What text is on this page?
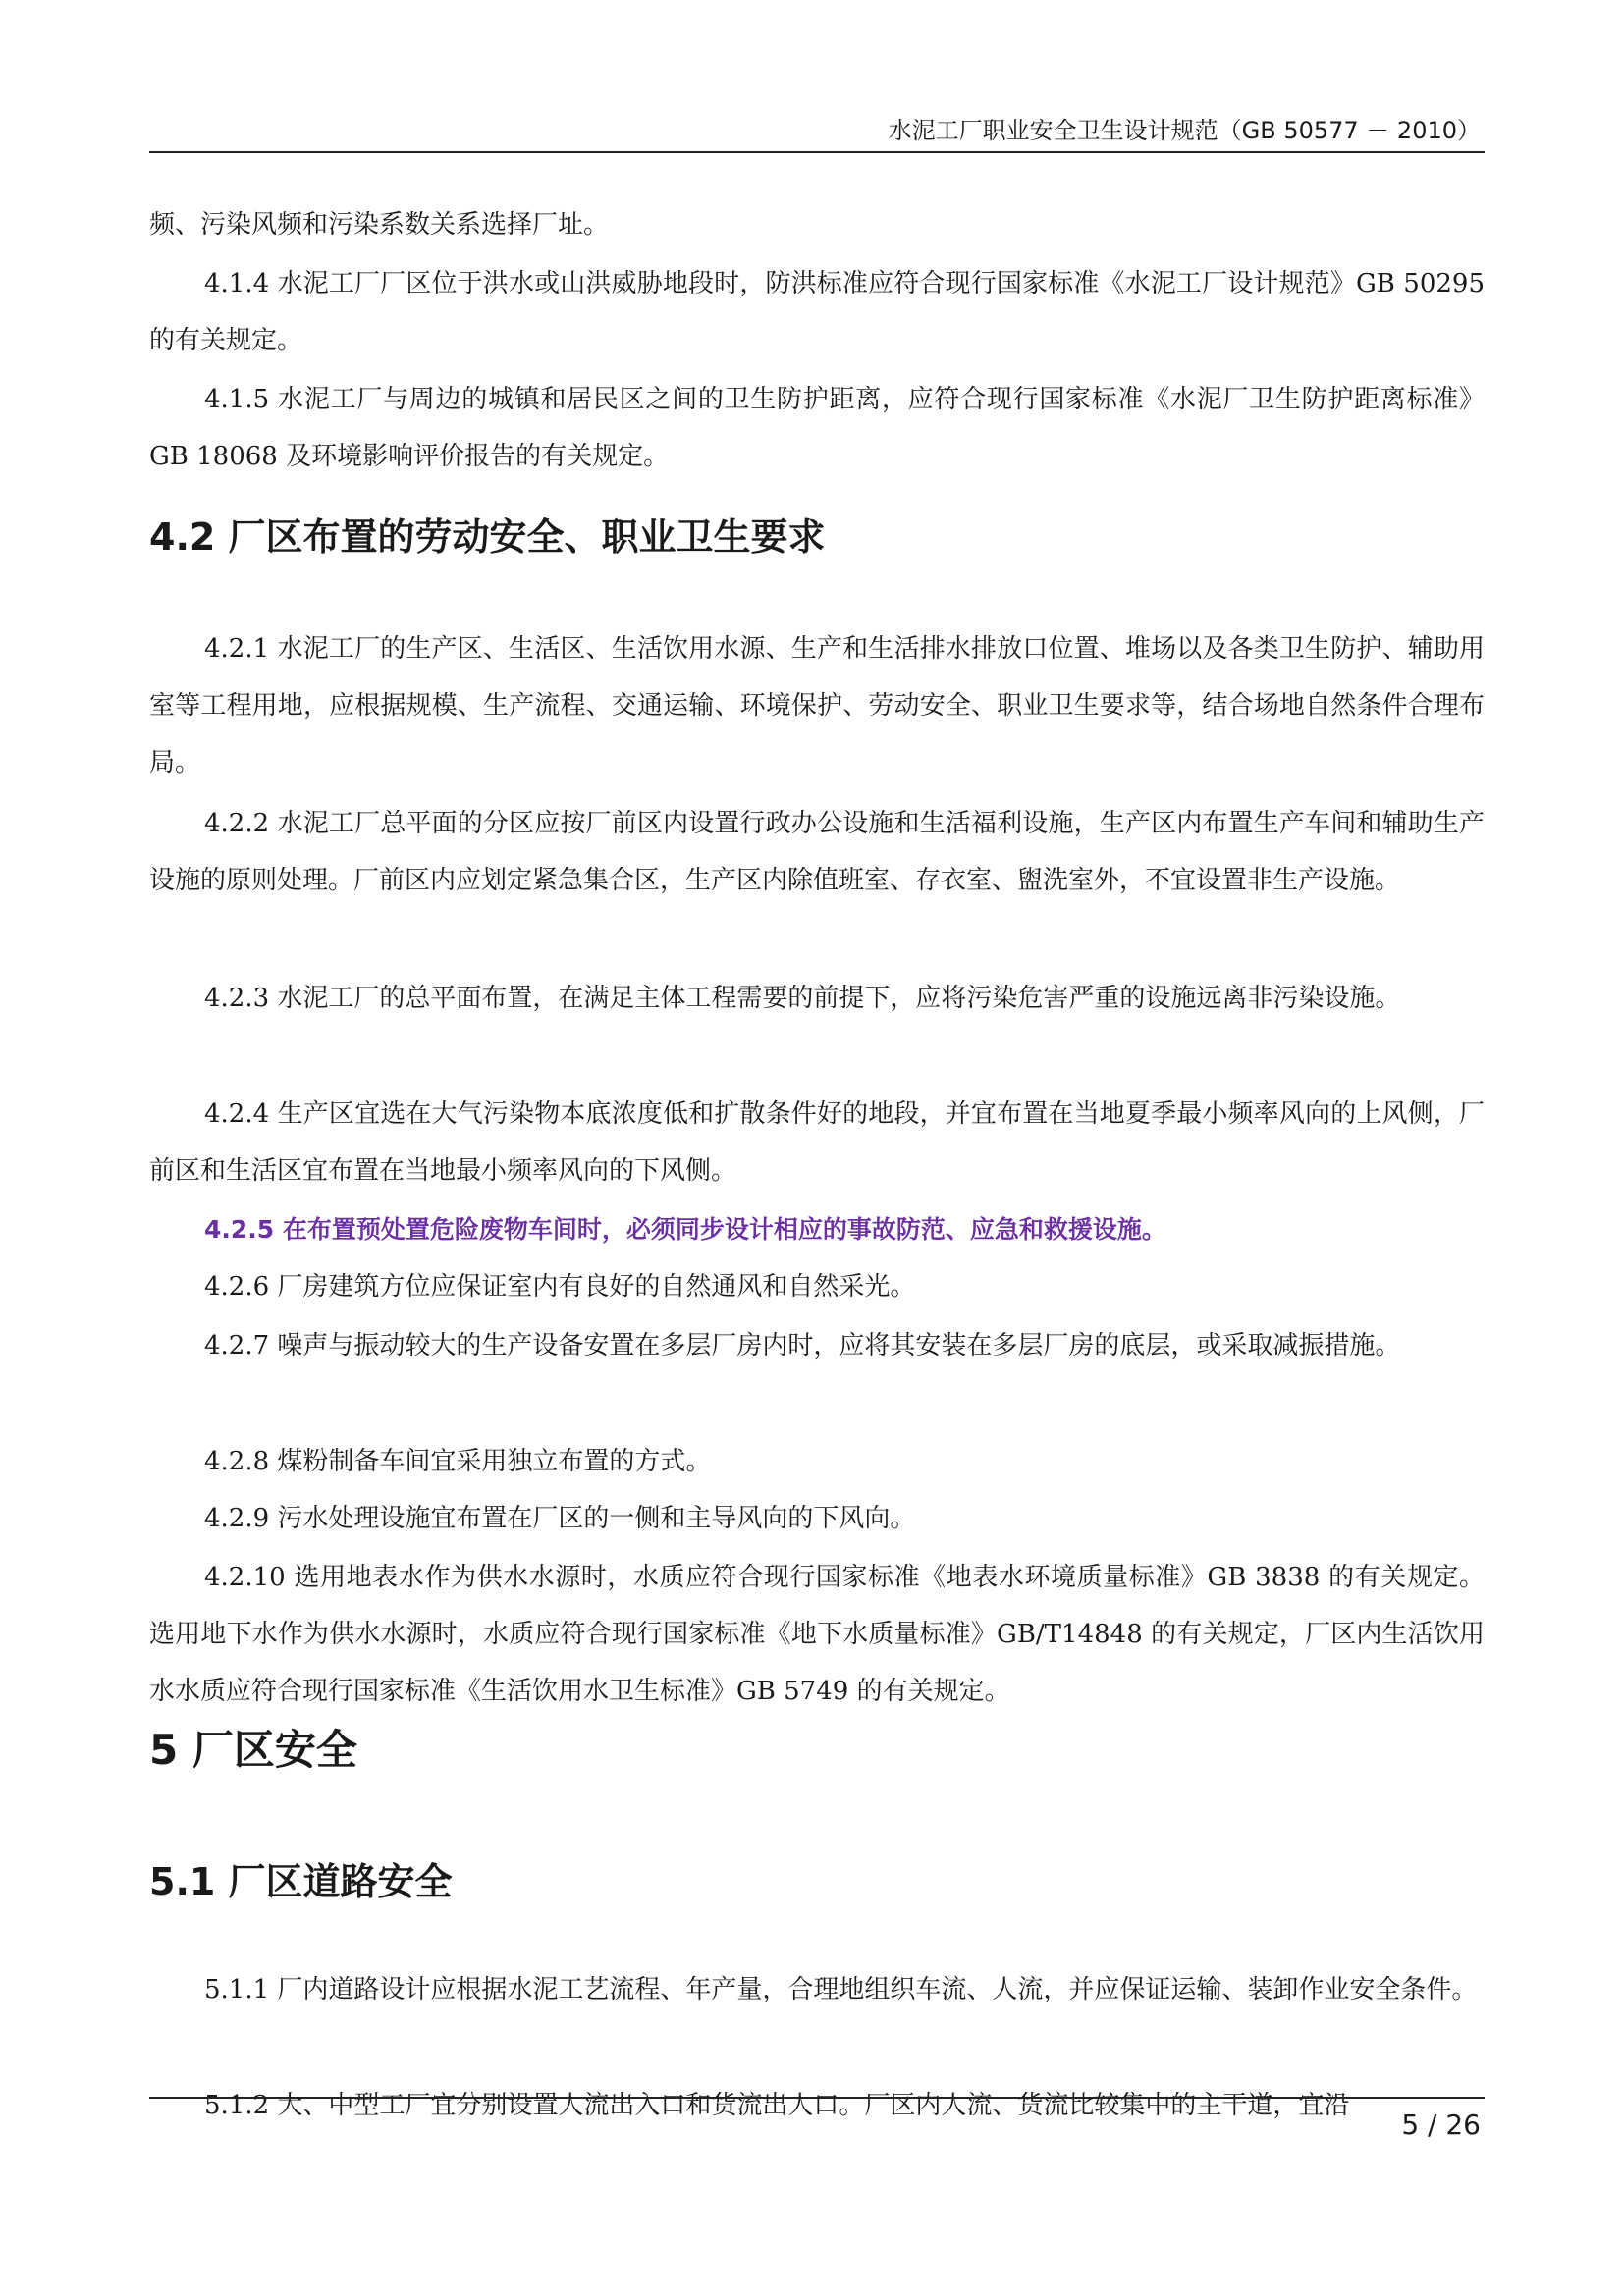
水泥工厂职业安全卫生设计规范（GB 50577 － 2010）

频、污染风频和污染系数关系选择厂址。

4.1.4 水泥工厂厂区位于洪水或山洪威胁地段时，防洪标准应符合现行国家标准《水泥工厂设计规范》GB 50295 的有关规定。

4.1.5 水泥工厂与周边的城镇和居民区之间的卫生防护距离，应符合现行国家标准《水泥厂卫生防护距离标准》GB 18068 及环境影响评价报告的有关规定。

4.2 厂区布置的劳动安全、职业卫生要求

4.2.1 水泥工厂的生产区、生活区、生活饮用水源、生产和生活排水排放口位置、堆场以及各类卫生防护、辅助用室等工程用地，应根据规模、生产流程、交通运输、环境保护、劳动安全、职业卫生要求等，结合场地自然条件合理布局。

4.2.2 水泥工厂总平面的分区应按厂前区内设置行政办公设施和生活福利设施，生产区内布置生产车间和辅助生产设施的原则处理。厂前区内应划定紧急集合区，生产区内除值班室、存衣室、盥洗室外，不宜设置非生产设施。

4.2.3 水泥工厂的总平面布置，在满足主体工程需要的前提下，应将污染危害严重的设施远离非污染设施。

4.2.4 生产区宜选在大气污染物本底浓度低和扩散条件好的地段，并宜布置在当地夏季最小频率风向的上风侧，厂前区和生活区宜布置在当地最小频率风向的下风侧。

4.2.5 在布置预处置危险废物车间时，必须同步设计相应的事故防范、应急和救援设施。

4.2.6 厂房建筑方位应保证室内有良好的自然通风和自然采光。

4.2.7 噪声与振动较大的生产设备安置在多层厂房内时，应将其安装在多层厂房的底层，或采取减振措施。

4.2.8 煤粉制备车间宜采用独立布置的方式。

4.2.9 污水处理设施宜布置在厂区的一侧和主导风向的下风向。

4.2.10 选用地表水作为供水水源时，水质应符合现行国家标准《地表水环境质量标准》GB 3838 的有关规定。选用地下水作为供水水源时，水质应符合现行国家标准《地下水质量标准》GB/T14848 的有关规定，厂区内生活饮用水水质应符合现行国家标准《生活饮用水卫生标准》GB 5749 的有关规定。

5 厂区安全
5.1 厂区道路安全

5.1.1 厂内道路设计应根据水泥工艺流程、年产量，合理地组织车流、人流，并应保证运输、装卸作业安全条件。

5.1.2 大、中型工厂宜分别设置人流出入口和货流出人口。厂区内人流、货流比较集中的主干道，宜沿

5 / 26
